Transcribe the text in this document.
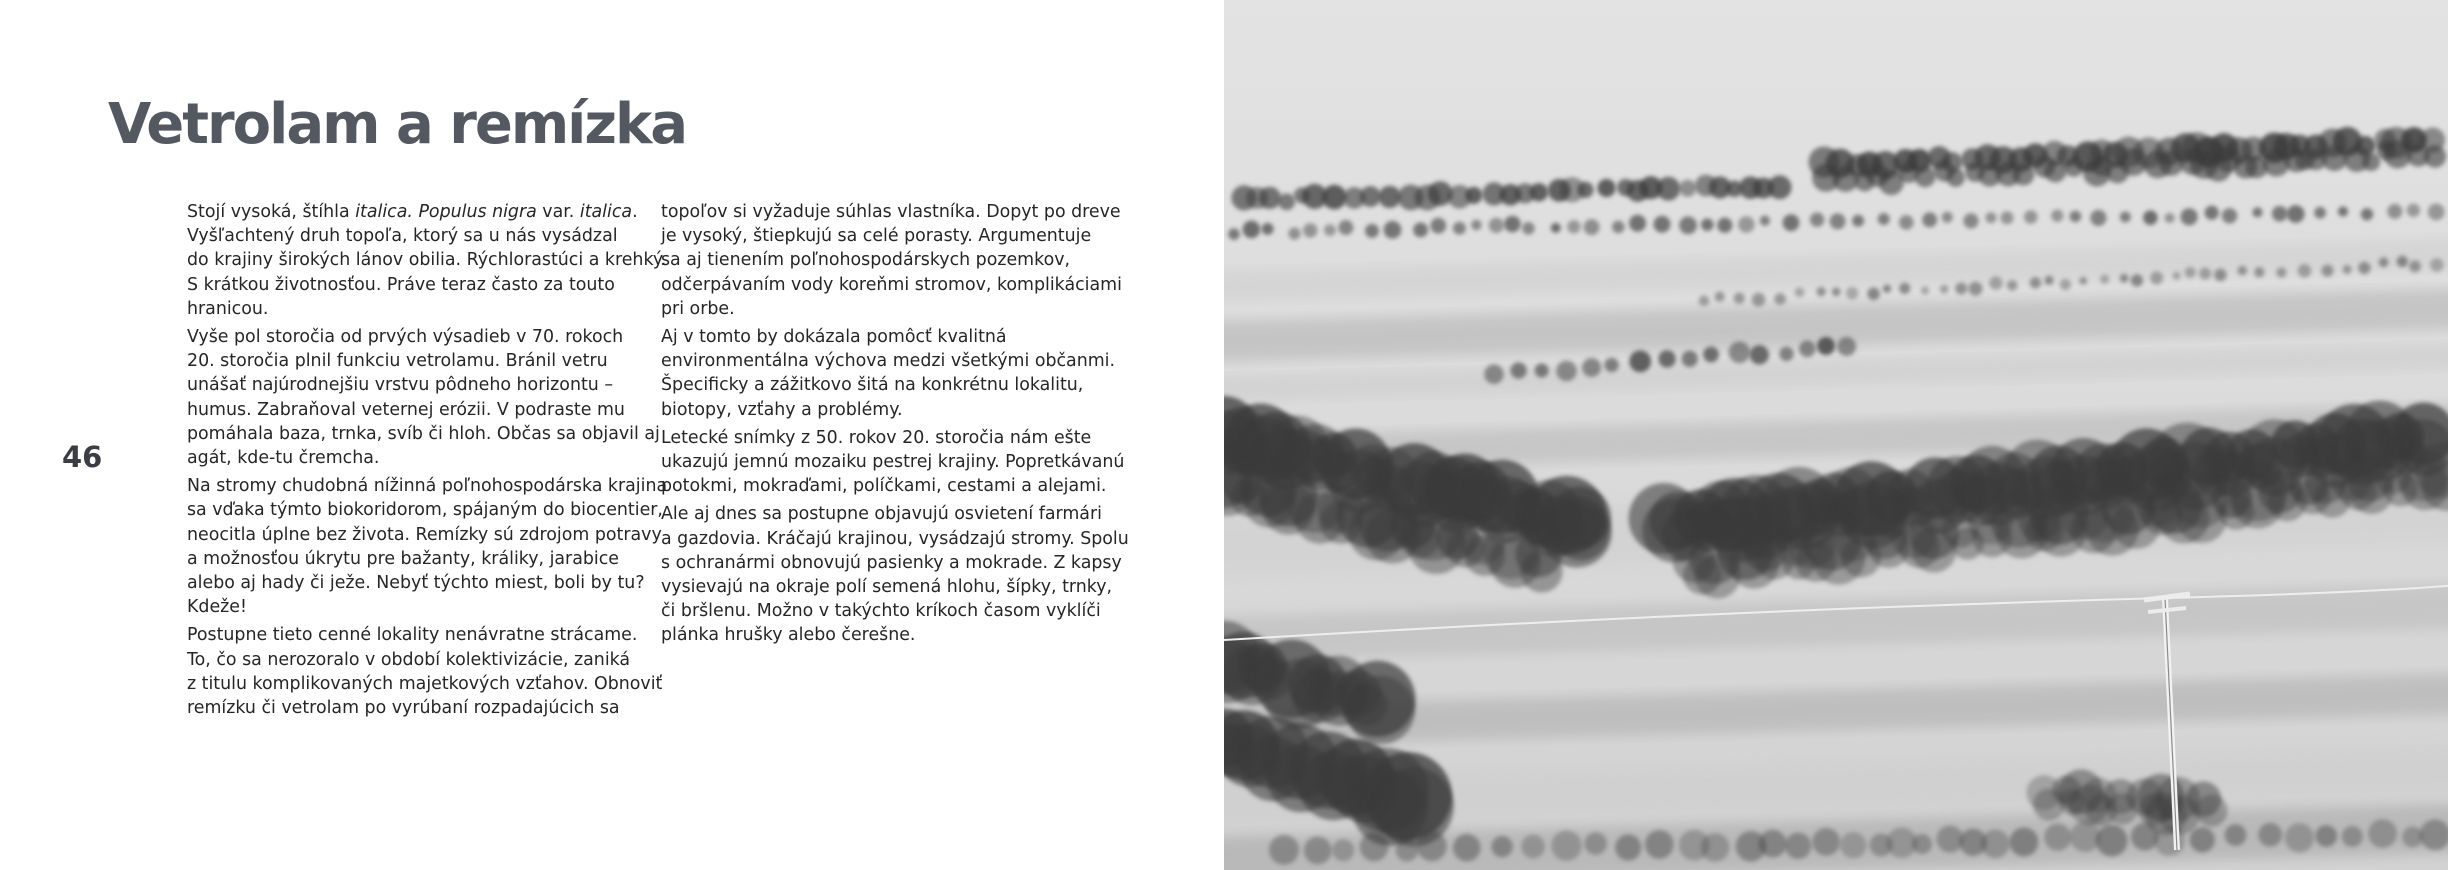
Vetrolam a remízka
46

Stojí vysoká, štíhla italica. Populus nigra var. italica.
Vyšľachtený druh topoľa, ktorý sa u nás vysádzal
do krajiny širokých lánov obilia. Rýchlorastúci a krehký.
S krátkou životnosťou. Práve teraz často za touto
hranicou.

Vyše pol storočia od prvých výsadieb v 70. rokoch
20. storočia plnil funkciu vetrolamu. Bránil vetru
unášať najúrodnejšiu vrstvu pôdneho horizontu –
humus. Zabraňoval veternej erózii. V podraste mu
pomáhala baza, trnka, svíb či hloh. Občas sa objavil aj
agát, kde-tu čremcha.

Na stromy chudobná nížinná poľnohospodárska krajina
sa vďaka týmto biokoridorom, spájaným do biocentier,
neocitla úplne bez života. Remízky sú zdrojom potravy
a možnosťou úkrytu pre bažanty, králiky, jarabice
alebo aj hady či ježe. Nebyť týchto miest, boli by tu?
Kdeže!

Postupne tieto cenné lokality nenávratne strácame.
To, čo sa nerozoralo v období kolektivizácie, zaniká
z titulu komplikovaných majetkových vzťahov. Obnoviť
remízku či vetrolam po vyrúbaní rozpadajúcich sa

topoľov si vyžaduje súhlas vlastníka. Dopyt po dreve
je vysoký, štiepkujú sa celé porasty. Argumentuje
sa aj tienením poľnohospodárskych pozemkov,
odčerpávaním vody koreňmi stromov, komplikáciami
pri orbe.

Aj v tomto by dokázala pomôcť kvalitná
environmentálna výchova medzi všetkými občanmi.
Špecificky a zážitkovo šitá na konkrétnu lokalitu,
biotopy, vzťahy a problémy.

Letecké snímky z 50. rokov 20. storočia nám ešte
ukazujú jemnú mozaiku pestrej krajiny. Popretkávanú
potokmi, mokraďami, políčkami, cestami a alejami.

Ale aj dnes sa postupne objavujú osvietení farmári
a gazdovia. Kráčajú krajinou, vysádzajú stromy. Spolu
s ochranármi obnovujú pasienky a mokrade. Z kapsy
vysievajú na okraje polí semená hlohu, šípky, trnky,
či bršlenu. Možno v takýchto kríkoch časom vyklíči
plánka hrušky alebo čerešne.
